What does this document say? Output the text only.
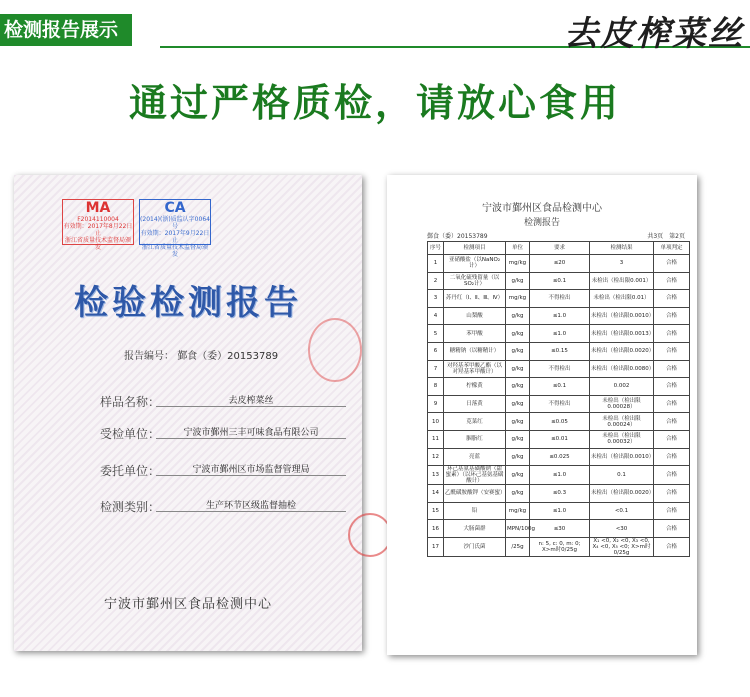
检测报告展示	去皮榨菜丝
通过严格质检，请放心食用
MA
F2014110004
有效期：2017年8月22日止
浙江省质量技术监督局颁发
CA
(2014)(浙)质监认字0064号
有效期：2017年9月22日止
浙江省质量技术监督局颁发
检验检测报告
报告编号： 鄞食（委）20153789
样品名称：	去皮榨菜丝
受检单位：	宁波市鄞州三丰可味食品有限公司
委托单位：	宁波市鄞州区市场监督管理局
检测类别：	生产环节区级监督抽检
宁波市鄞州区食品检测中心
宁波市鄞州区食品检测中心
检测报告
鄞食（委）20153789	共3页　第2页
序号	检测项目	单位	要求	检测结果	单项判定
1	亚硝酸盐（以NaNO₂计）	mg/kg	≤20	3	合格
2	二氧化硫残留量（以SO₂计）	g/kg	≤0.1	未检出（检出限0.001）	合格
3	苏丹红（Ⅰ、Ⅱ、Ⅲ、Ⅳ）	mg/kg	不得检出	未检出（检出限0.01）	合格
4	山梨酸	g/kg	≤1.0	未检出（检出限0.0010）	合格
5	苯甲酸	g/kg	≤1.0	未检出（检出限0.0013）	合格
6	糖精钠（以糖精计）	g/kg	≤0.15	未检出（检出限0.0020）	合格
7	对羟基苯甲酸乙酯（以对羟基苯甲酸计）	g/kg	不得检出	未检出（检出限0.0080）	合格
8	柠檬黄	g/kg	≤0.1	0.002	合格
9	日落黄	g/kg	不得检出	未检出（检出限0.00028）	合格
10	苋菜红	g/kg	≤0.05	未检出（检出限0.00024）	合格
11	胭脂红	g/kg	≤0.01	未检出（检出限0.00032）	合格
12	亮蓝	g/kg	≤0.025	未检出（检出限0.0010）	合格
13	环己基氨基磺酸钠（甜蜜素）（以环己基氨基磺酸计）	g/kg	≤1.0	0.1	合格
14	乙酰磺胺酸钾（安赛蜜）	g/kg	≤0.3	未检出（检出限0.0020）	合格
15	铅	mg/kg	≤1.0	<0.1	合格
16	大肠菌群	MPN/100g	≤30	<30	合格
17	沙门氏菌	/25g	n: 5, c: 0, m: 0; X>m时0/25g	X₁ <0, X₂ <0, X₃ <0, X₄ <0, X₅ <0; X>m时0/25g	合格
